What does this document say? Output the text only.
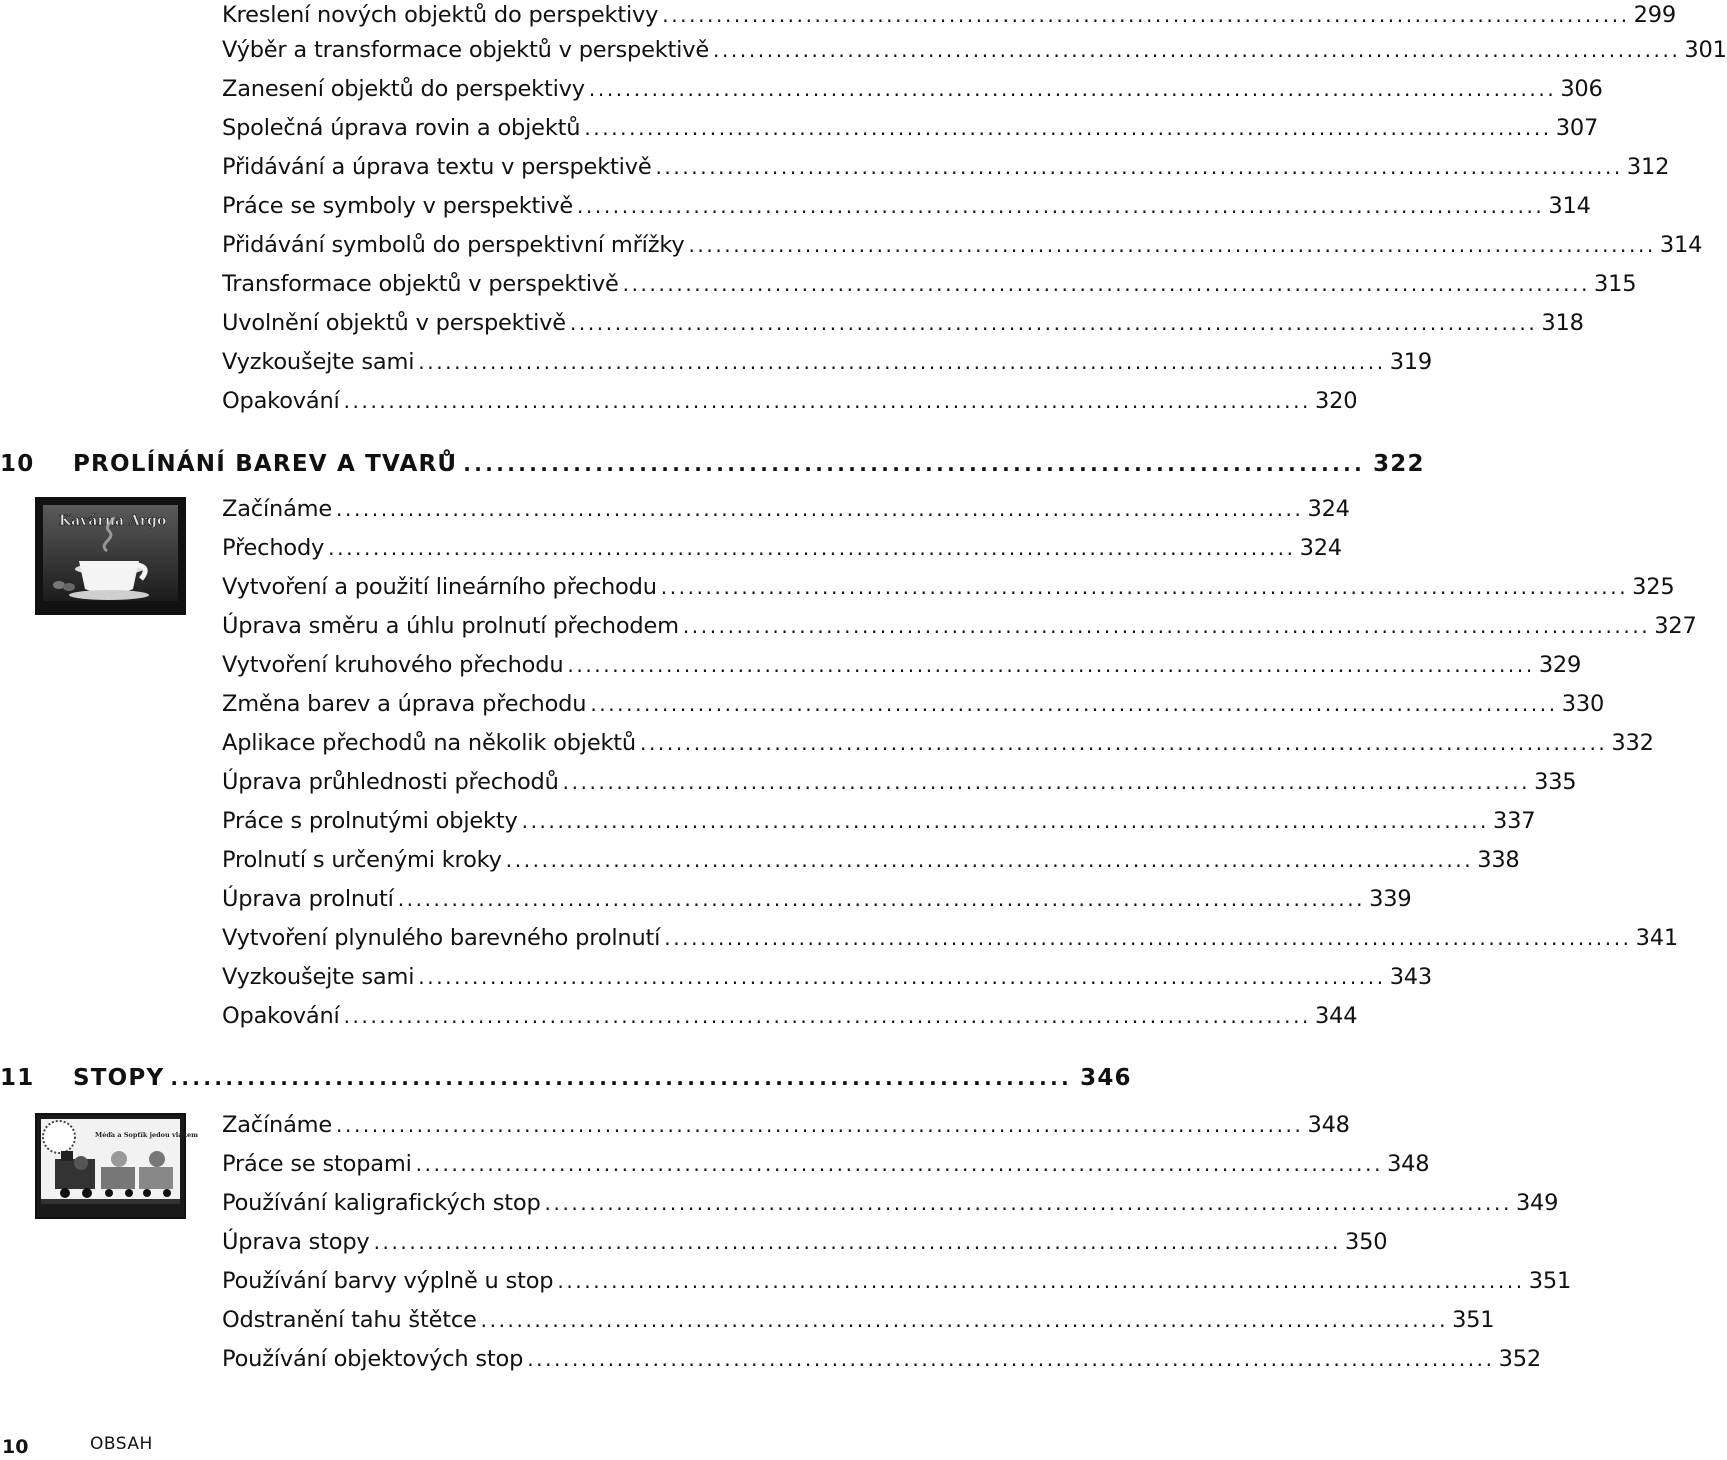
Kreslení nových objektů do perspektivy ............................................................................................................ 299
Výběr a transformace objektů v perspektivě ............................................................................................................ 301
Zanesení objektů do perspektivy ............................................................................................................ 306
Společná úprava rovin a objektů ............................................................................................................ 307
Přidávání a úprava textu v perspektivě ............................................................................................................ 312
Práce se symboly v perspektivě ............................................................................................................ 314
Přidávání symbolů do perspektivní mřížky ............................................................................................................ 314
Transformace objektů v perspektivě ............................................................................................................ 315
Uvolnění objektů v perspektivě ............................................................................................................ 318
Vyzkoušejte sami ............................................................................................................ 319
Opakování ............................................................................................................ 320
10	PROLÍNÁNÍ BAREV A TVARŮ .................................................................................. 322
Kavárna Argo Začínáme ............................................................................................................ 324
Přechody ............................................................................................................ 324
Vytvoření a použití lineárního přechodu ............................................................................................................ 325
Úprava směru a úhlu prolnutí přechodem ............................................................................................................ 327
Vytvoření kruhového přechodu ............................................................................................................ 329
Změna barev a úprava přechodu ............................................................................................................ 330
Aplikace přechodů na několik objektů ............................................................................................................ 332
Úprava průhlednosti přechodů ............................................................................................................ 335
Práce s prolnutými objekty ............................................................................................................ 337
Prolnutí s určenými kroky ............................................................................................................ 338
Úprava prolnutí ............................................................................................................ 339
Vytvoření plynulého barevného prolnutí ............................................................................................................ 341
Vyzkoušejte sami ............................................................................................................ 343
Opakování ............................................................................................................ 344
11	STOPY .................................................................................. 346
Méďa a Sopťík jedou vlakem Začínáme ............................................................................................................ 348
Práce se stopami ............................................................................................................ 348
Používání kaligrafických stop ............................................................................................................ 349
Úprava stopy ............................................................................................................ 350
Používání barvy výplně u stop ............................................................................................................ 351
Odstranění tahu štětce ............................................................................................................ 351
Používání objektových stop ............................................................................................................ 352
10	OBSAH
